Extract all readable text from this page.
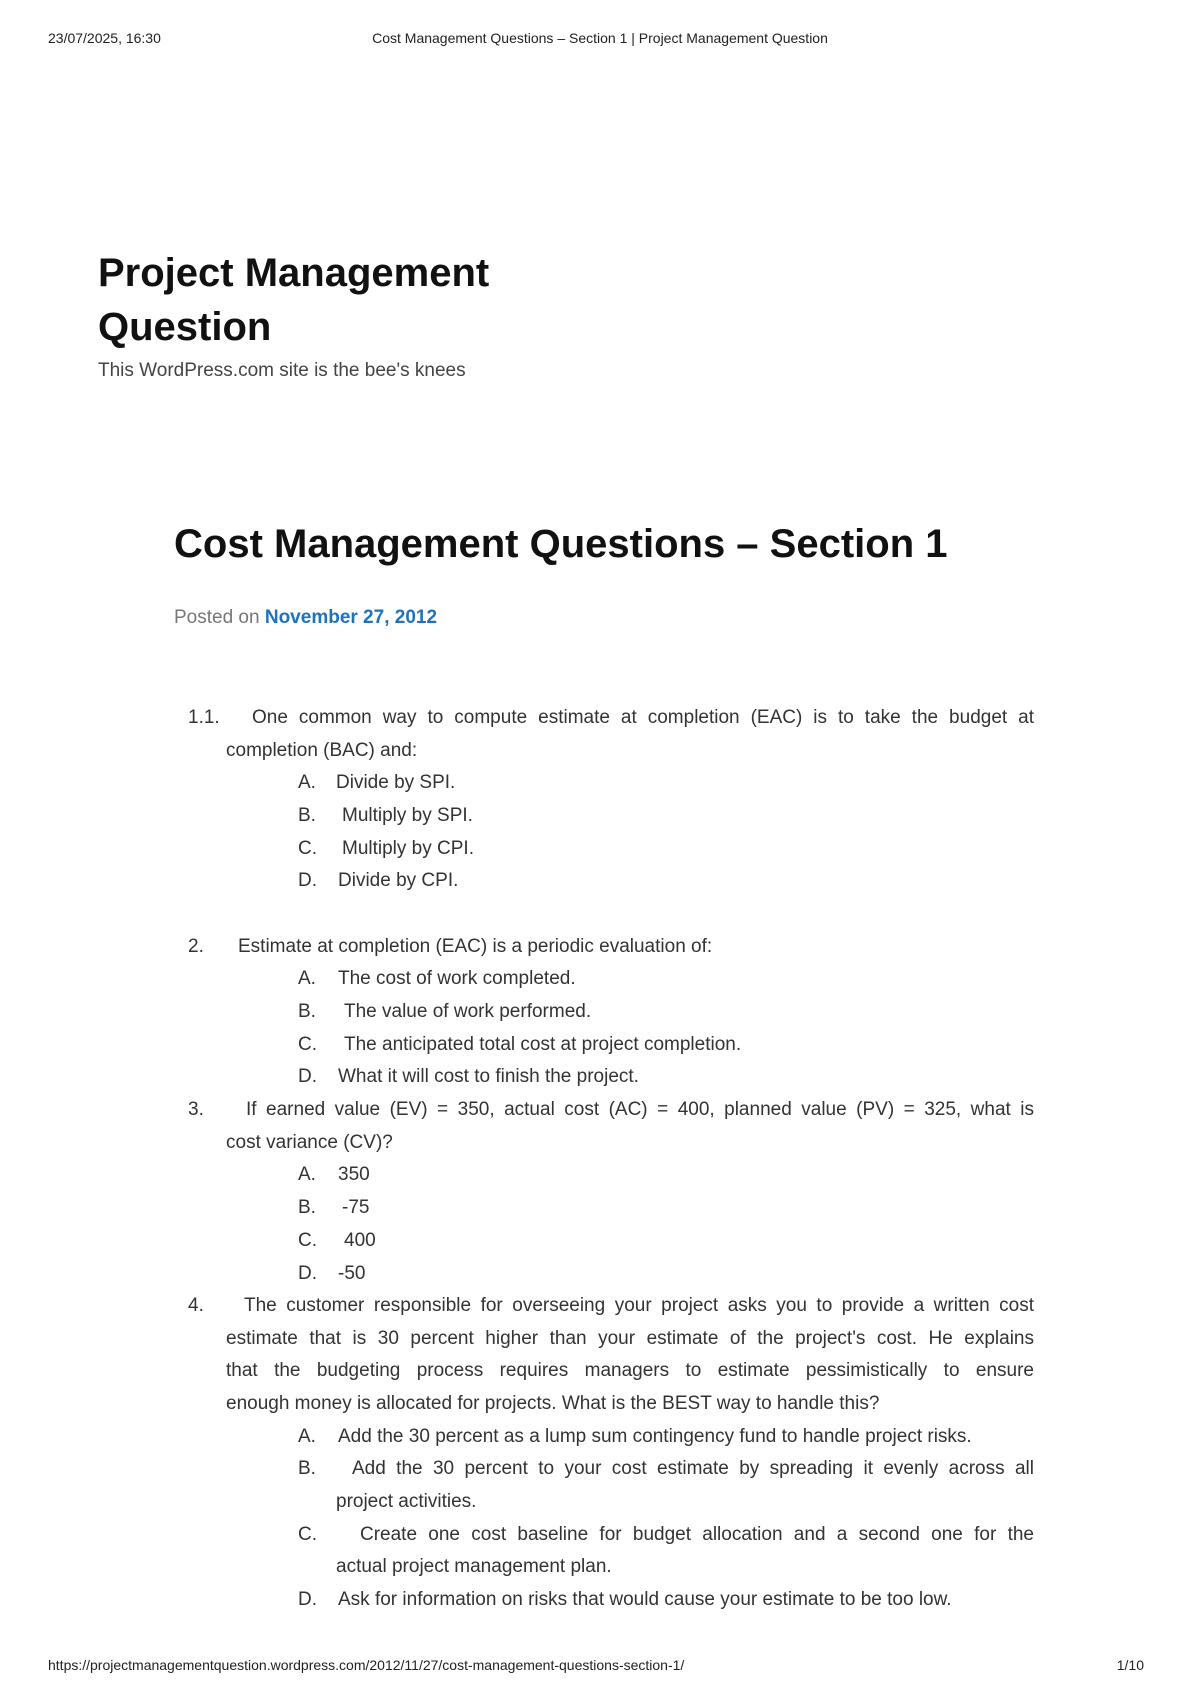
23/07/2025, 16:30	Cost Management Questions – Section 1 | Project Management Question
Project Management Question
This WordPress.com site is the bee's knees
Cost Management Questions – Section 1
Posted on November 27, 2012
1.1. One common way to compute estimate at completion (EAC) is to take the budget at
completion (BAC) and:
A. Divide by SPI.
B. Multiply by SPI.
C. Multiply by CPI.
D. Divide by CPI.
2. Estimate at completion (EAC) is a periodic evaluation of:
A. The cost of work completed.
B. The value of work performed.
C. The anticipated total cost at project completion.
D. What it will cost to finish the project.
3. If earned value (EV) = 350, actual cost (AC) = 400, planned value (PV) = 325, what is
cost variance (CV)?
A. 350
B. -75
C. 400
D. -50
4. The customer responsible for overseeing your project asks you to provide a written cost
estimate that is 30 percent higher than your estimate of the project's cost. He explains
that the budgeting process requires managers to estimate pessimistically to ensure
enough money is allocated for projects. What is the BEST way to handle this?
A. Add the 30 percent as a lump sum contingency fund to handle project risks.
B. Add the 30 percent to your cost estimate by spreading it evenly across all
project activities.
C. Create one cost baseline for budget allocation and a second one for the
actual project management plan.
D. Ask for information on risks that would cause your estimate to be too low.
https://projectmanagementquestion.wordpress.com/2012/11/27/cost-management-questions-section-1/	1/10
